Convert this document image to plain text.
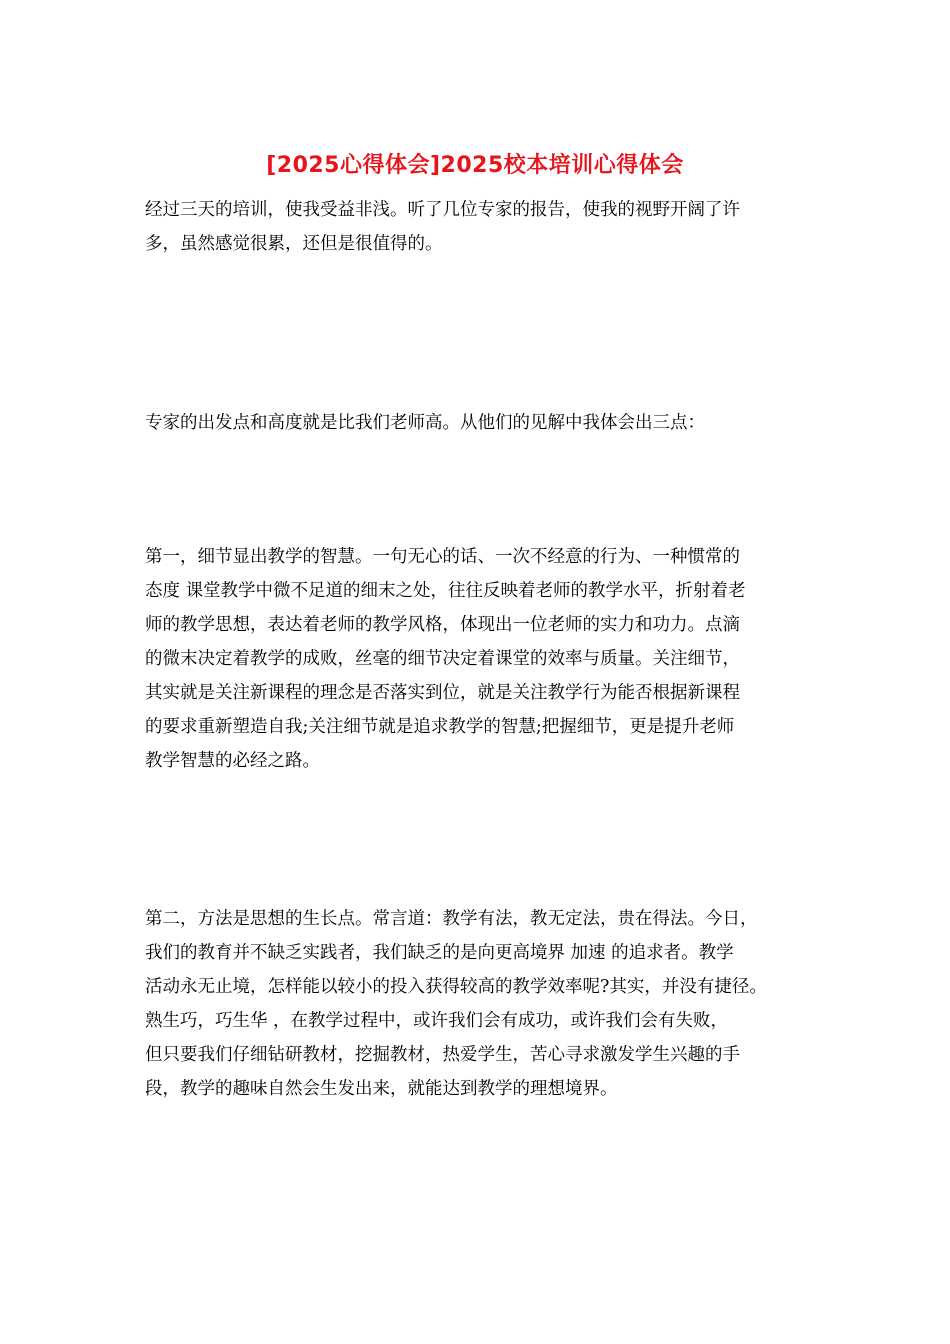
[2025心得体会]2025校本培训心得体会
经过三天的培训，使我受益非浅。听了几位专家的报告，使我的视野开阔了许
多，虽然感觉很累，还但是很值得的。
专家的出发点和高度就是比我们老师高。从他们的见解中我体会出三点：
第一，细节显出教学的智慧。一句无心的话、一次不经意的行为、一种惯常的
态度 课堂教学中微不足道的细末之处，往往反映着老师的教学水平，折射着老
师的教学思想，表达着老师的教学风格，体现出一位老师的实力和功力。点滴
的微末决定着教学的成败，丝毫的细节决定着课堂的效率与质量。关注细节，
其实就是关注新课程的理念是否落实到位，就是关注教学行为能否根据新课程
的要求重新塑造自我;关注细节就是追求教学的智慧;把握细节，更是提升老师
教学智慧的必经之路。
第二，方法是思想的生长点。常言道：教学有法，教无定法，贵在得法。今日，
我们的教育并不缺乏实践者，我们缺乏的是向更高境界 加速 的追求者。教学
活动永无止境，怎样能以较小的投入获得较高的教学效率呢?其实，并没有捷径。
熟生巧，巧生华 ，在教学过程中，或许我们会有成功，或许我们会有失败，
但只要我们仔细钻研教材，挖掘教材，热爱学生，苦心寻求激发学生兴趣的手
段，教学的趣味自然会生发出来，就能达到教学的理想境界。
